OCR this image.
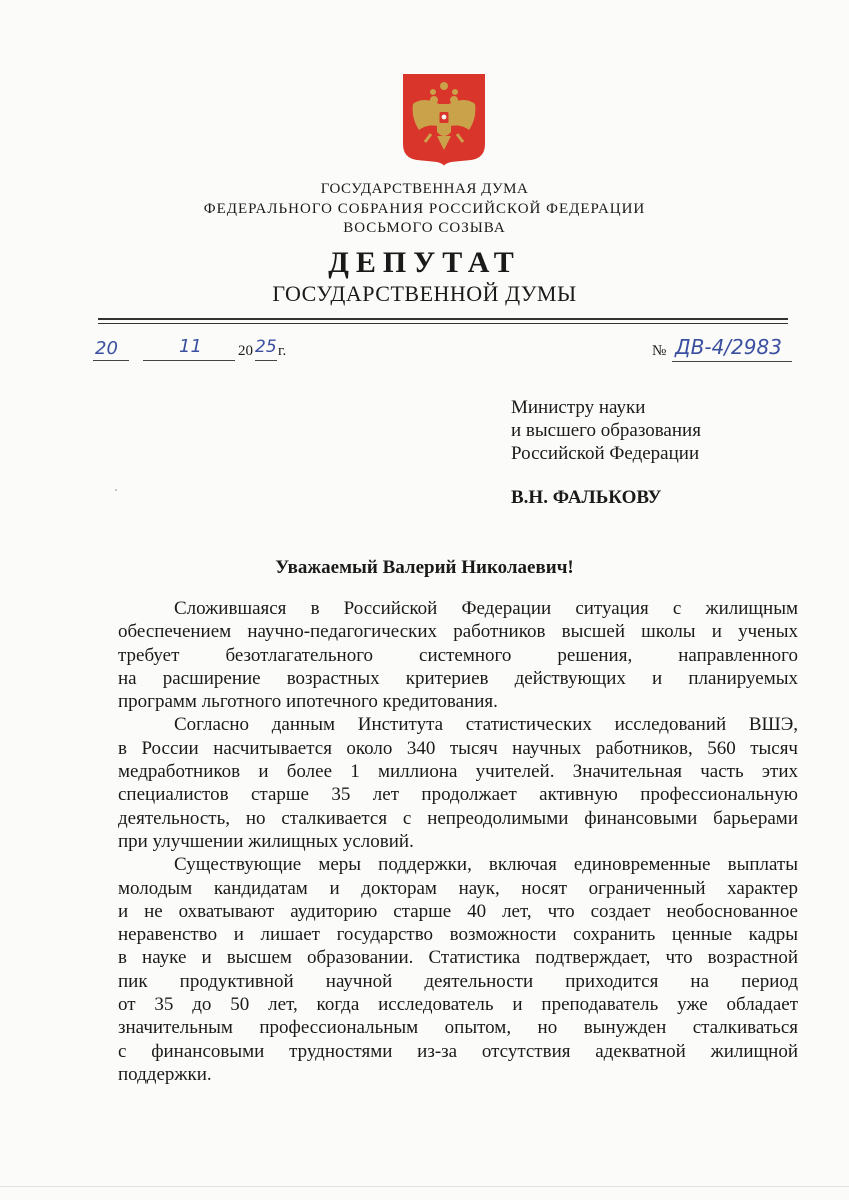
ГОСУДАРСТВЕННАЯ ДУМА
ФЕДЕРАЛЬНОГО СОБРАНИЯ РОССИЙСКОЙ ФЕДЕРАЦИИ
ВОСЬМОГО СОЗЫВА
ДЕПУТАТ
ГОСУДАРСТВЕННОЙ ДУМЫ
20	11 20 25 г.	№ ДВ-4/2983
Министру науки
и высшего образования
Российской Федерации
В.Н. ФАЛЬКОВУ
Уважаемый Валерий Николаевич!
Сложившаяся в Российской Федерации ситуация с жилищным
обеспечением научно-педагогических работников высшей школы и ученых
требует безотлагательного системного решения, направленного
на расширение возрастных критериев действующих и планируемых
программ льготного ипотечного кредитования.
Согласно данным Института статистических исследований ВШЭ,
в России насчитывается около 340 тысяч научных работников, 560 тысяч
медработников и более 1 миллиона учителей. Значительная часть этих
специалистов старше 35 лет продолжает активную профессиональную
деятельность, но сталкивается с непреодолимыми финансовыми барьерами
при улучшении жилищных условий.
Существующие меры поддержки, включая единовременные выплаты
молодым кандидатам и докторам наук, носят ограниченный характер
и не охватывают аудиторию старше 40 лет, что создает необоснованное
неравенство и лишает государство возможности сохранить ценные кадры
в науке и высшем образовании. Статистика подтверждает, что возрастной
пик продуктивной научной деятельности приходится на период
от 35 до 50 лет, когда исследователь и преподаватель уже обладает
значительным профессиональным опытом, но вынужден сталкиваться
с финансовыми трудностями из-за отсутствия адекватной жилищной
поддержки.
